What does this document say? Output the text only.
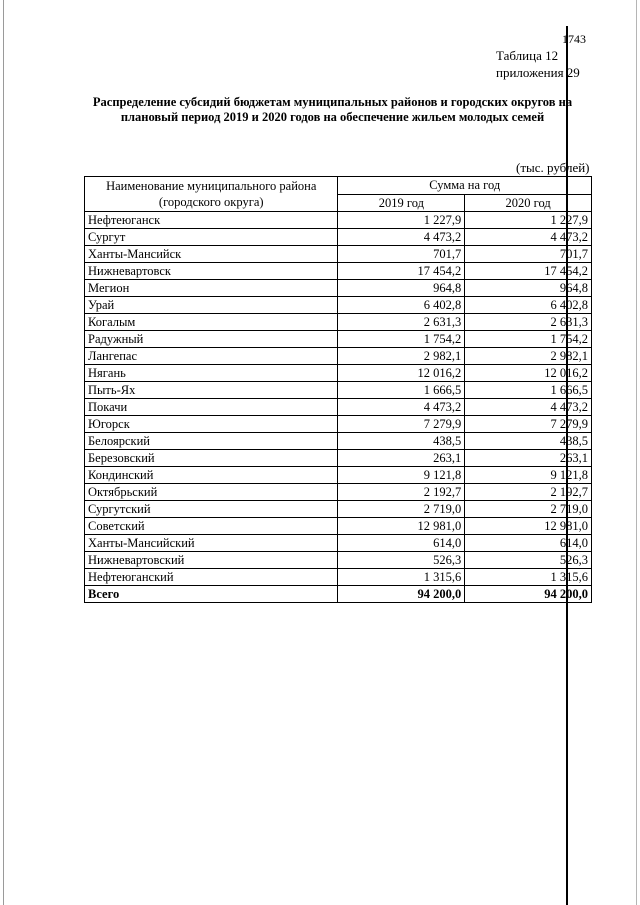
1743
Таблица 12
приложения 29
Распределение субсидий бюджетам муниципальных районов и городских округов на плановый период 2019 и 2020 годов на обеспечение жильем молодых семей
(тыс. рублей)
Наименование муниципального района
(городского округа)	Сумма на год	
	2019 год	2020 год
Нефтеюганск	1 227,9	1 227,9
Сургут	4 473,2	4 473,2
Ханты-Мансийск	701,7	701,7
Нижневартовск	17 454,2	17 454,2
Мегион	964,8	964,8
Урай	6 402,8	6 402,8
Когалым	2 631,3	2 631,3
Радужный	1 754,2	1 754,2
Лангепас	2 982,1	2 982,1
Нягань	12 016,2	12 016,2
Пыть-Ях	1 666,5	1 666,5
Покачи	4 473,2	4 473,2
Югорск	7 279,9	7 279,9
Белоярский	438,5	438,5
Березовский	263,1	263,1
Кондинский	9 121,8	9 121,8
Октябрьский	2 192,7	2 192,7
Сургутский	2 719,0	2 719,0
Советский	12 981,0	12 981,0
Ханты-Мансийский	614,0	614,0
Нижневартовский	526,3	526,3
Нефтеюганский	1 315,6	1 315,6
Всего	94 200,0	94 200,0
